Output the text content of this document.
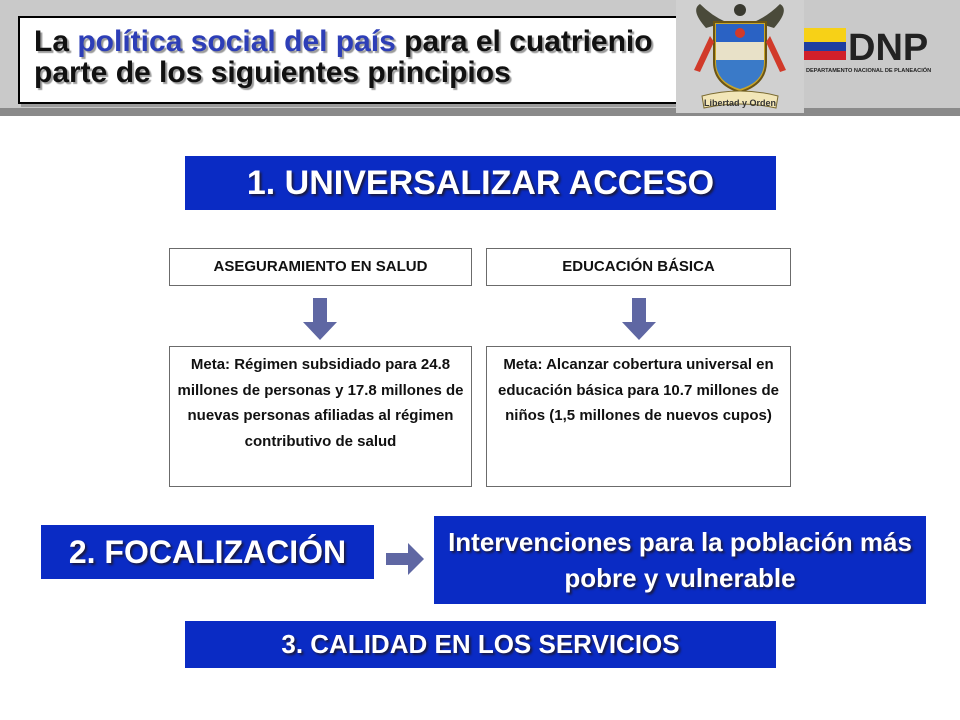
La política social del país para el cuatrienio parte de los siguientes principios
Libertad y Orden
DNP
DEPARTAMENTO NACIONAL DE PLANEACIÓN
1. UNIVERSALIZAR ACCESO
ASEGURAMIENTO EN SALUD	EDUCACIÓN BÁSICA
Meta: Régimen subsidiado para 24.8 millones de personas y 17.8 millones de nuevas personas afiliadas al régimen contributivo de salud
Meta: Alcanzar cobertura universal en educación básica para 10.7 millones de niños (1,5 millones de nuevos cupos)
2. FOCALIZACIÓN	Intervenciones para la población más pobre y vulnerable
3. CALIDAD EN LOS SERVICIOS
